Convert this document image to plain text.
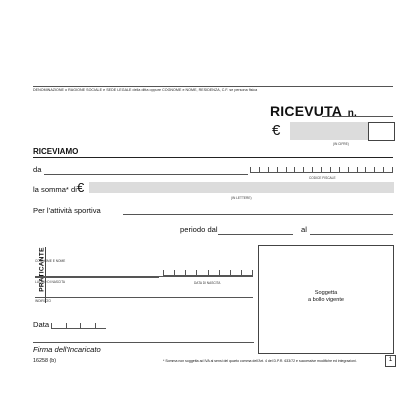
DENOMINAZIONE o RAGIONE SOCIALE e SEDE LEGALE della ditta oppure COGNOME e NOME, RESIDENZA, C.F. se persona fisica
RICEVUTA n.
€
(IN CIFRE)
RICEVIAMO
da
CODICE FISCALE
la somma* di €
(IN LETTERE)
Per l'attività sportiva
periodo dal	al
PRATICANTE
COGNOME E NOME
LUOGO DI NASCITA	DATA DI NASCITA
INDIRIZZO
Soggetta
a bollo vigente
Data
Firma dell'Incaricato
16258 (b)	* Somma non soggetta ad IVA ai sensi del quarto comma dell'Art. 4 del D.P.R. 633/72 e successive modifiche ed integrazioni.	1
